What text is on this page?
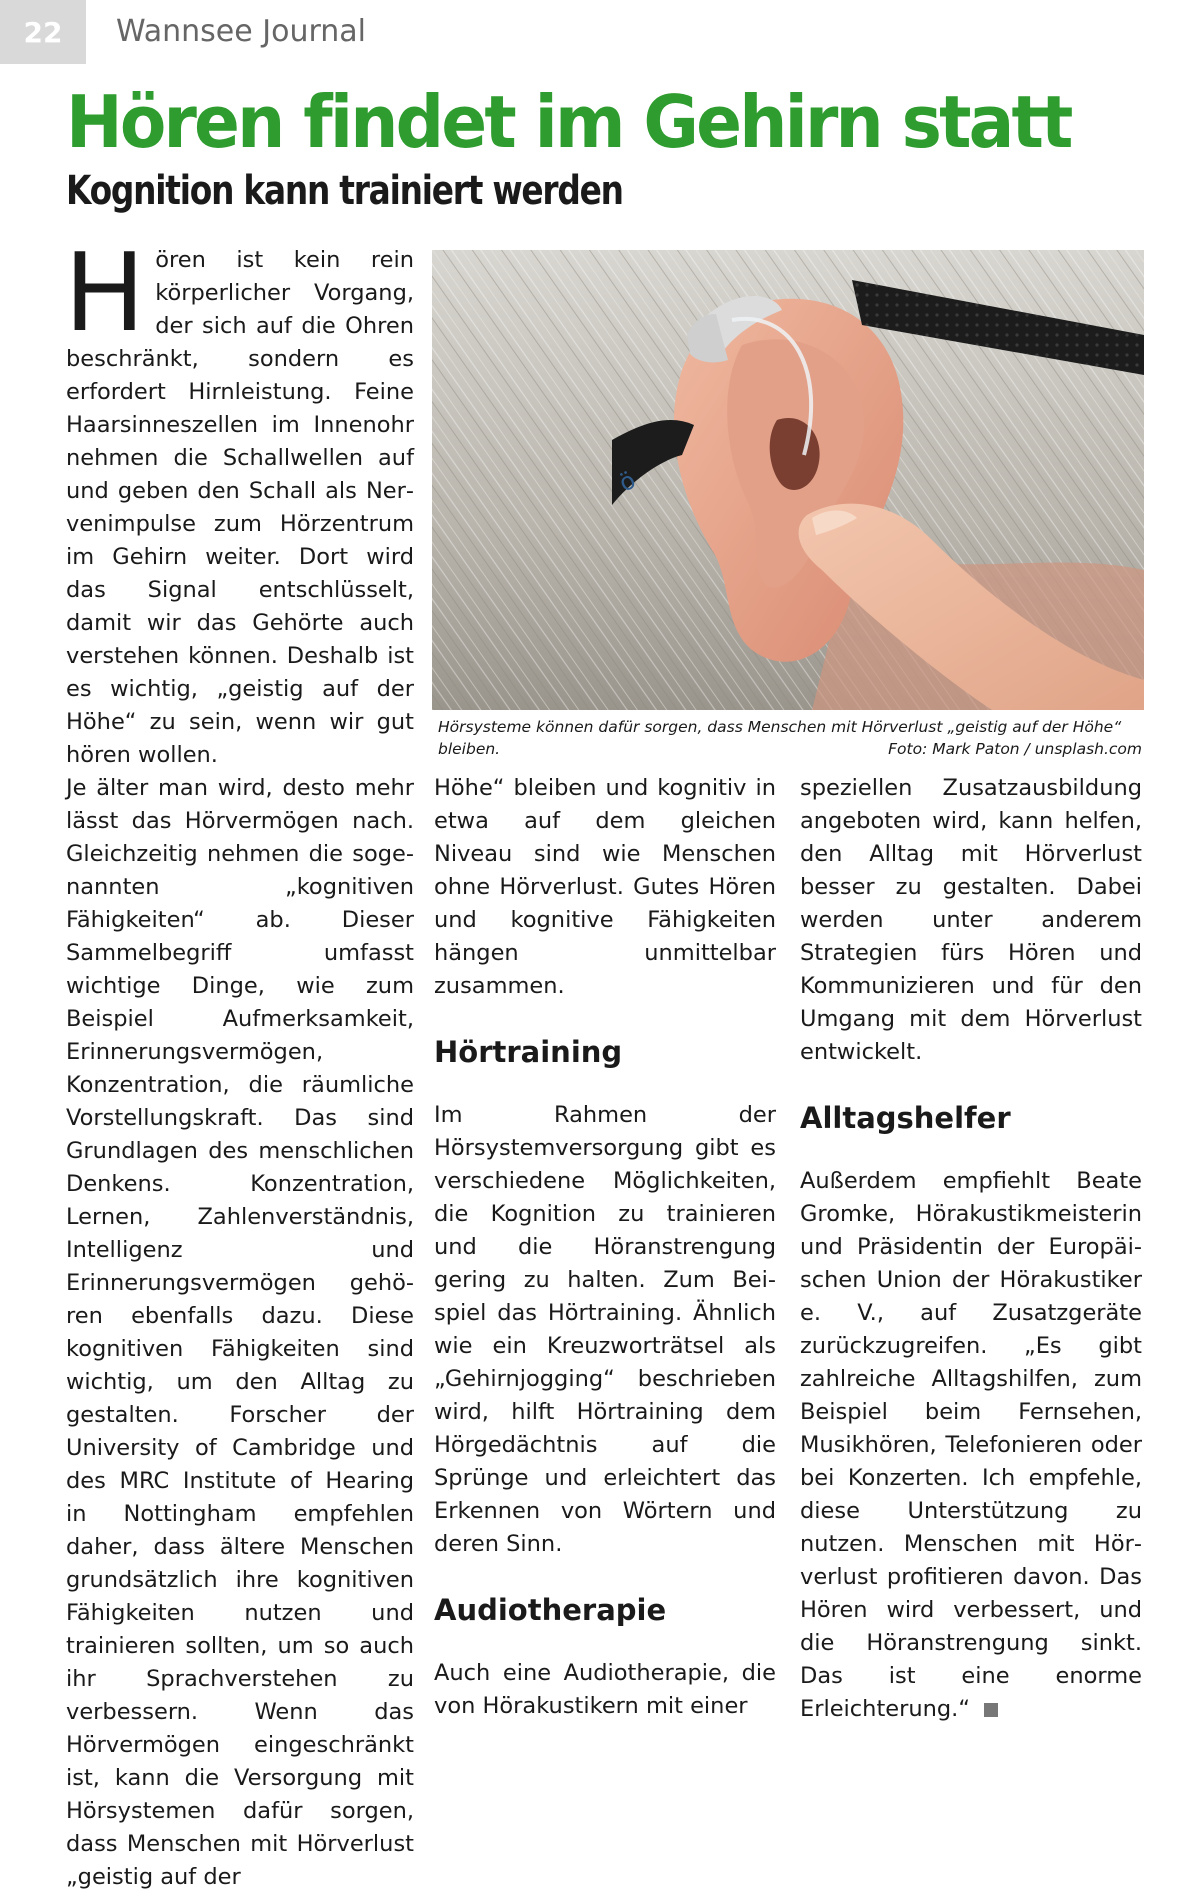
22	Wannsee Journal
Hören findet im Gehirn statt
Kognition kann trainiert werden
H ören ist kein rein körperlicher Vorgang, der sich auf die Ohren beschränkt, sondern es erfordert Hirnleistung. Feine Haarsinneszellen im Innenohr nehmen die Schallwellen auf und geben den Schall als Nervenimpulse zum Hörzentrum im Gehirn weiter. Dort wird das Signal entschlüsselt, damit wir das Gehörte auch verstehen können. Deshalb ist es wichtig, „geistig auf der Höhe“ zu sein, wenn wir gut hören wollen.

Je älter man wird, desto mehr lässt das Hörvermögen nach. Gleichzeitig nehmen die sogenannten „kognitiven Fähigkeiten“ ab. Dieser Sammelbegriff umfasst wichtige Dinge, wie zum Beispiel Aufmerksamkeit, Erinnerungsvermögen, Konzentration, die räumliche Vorstellungskraft. Das sind Grundlagen des menschlichen Denkens. Konzentration, Lernen, Zahlenverständnis, Intelligenz und Erinnerungsvermögen gehören ebenfalls dazu. Diese kognitiven Fähigkeiten sind wichtig, um den Alltag zu gestalten. Forscher der University of Cambridge und des MRC Institute of Hearing in Nottingham empfehlen daher, dass ältere Menschen grundsätzlich ihre kognitiven Fähigkeiten nutzen und trainieren sollten, um so auch ihr Sprachverstehen zu verbessern. Wenn das Hörvermögen eingeschränkt ist, kann die Versorgung mit Hörsystemen dafür sorgen, dass Menschen mit Hörverlust „geistig auf der

ö
Hörsysteme können dafür sorgen, dass Menschen mit Hörverlust „geistig auf der Höhe“ bleiben.	Foto: Mark Paton / unsplash.com

Höhe“ bleiben und kognitiv in etwa auf dem gleichen Niveau sind wie Menschen ohne Hörverlust. Gutes Hören und kognitive Fähigkeiten hängen unmittelbar zusammen.

Hörtraining

Im Rahmen der Hörsystemversorgung gibt es verschiedene Möglichkeiten, die Kognition zu trainieren und die Höranstrengung gering zu halten. Zum Beispiel das Hörtraining. Ähnlich wie ein Kreuzworträtsel als „Gehirnjogging“ beschrieben wird, hilft Hörtraining dem Hörgedächtnis auf die Sprünge und erleichtert das Erkennen von Wörtern und deren Sinn.

Audiotherapie

Auch eine Audiotherapie, die von Hörakustikern mit einer

speziellen Zusatzausbildung angeboten wird, kann helfen, den Alltag mit Hörverlust besser zu gestalten. Dabei werden unter anderem Strategien fürs Hören und Kommunizieren und für den Umgang mit dem Hörverlust entwickelt.

Alltagshelfer

Außerdem empfiehlt Beate Gromke, Hörakustikmeisterin und Präsidentin der Europäischen Union der Hörakustiker e. V., auf Zusatzgeräte zurückzugreifen. „Es gibt zahlreiche Alltagshilfen, zum Beispiel beim Fernsehen, Musikhören, Telefonieren oder bei Konzerten. Ich empfehle, diese Unterstützung zu nutzen. Menschen mit Hörverlust profitieren davon. Das Hören wird verbessert, und die Höranstrengung sinkt. Das ist eine enorme Erleichterung.“
